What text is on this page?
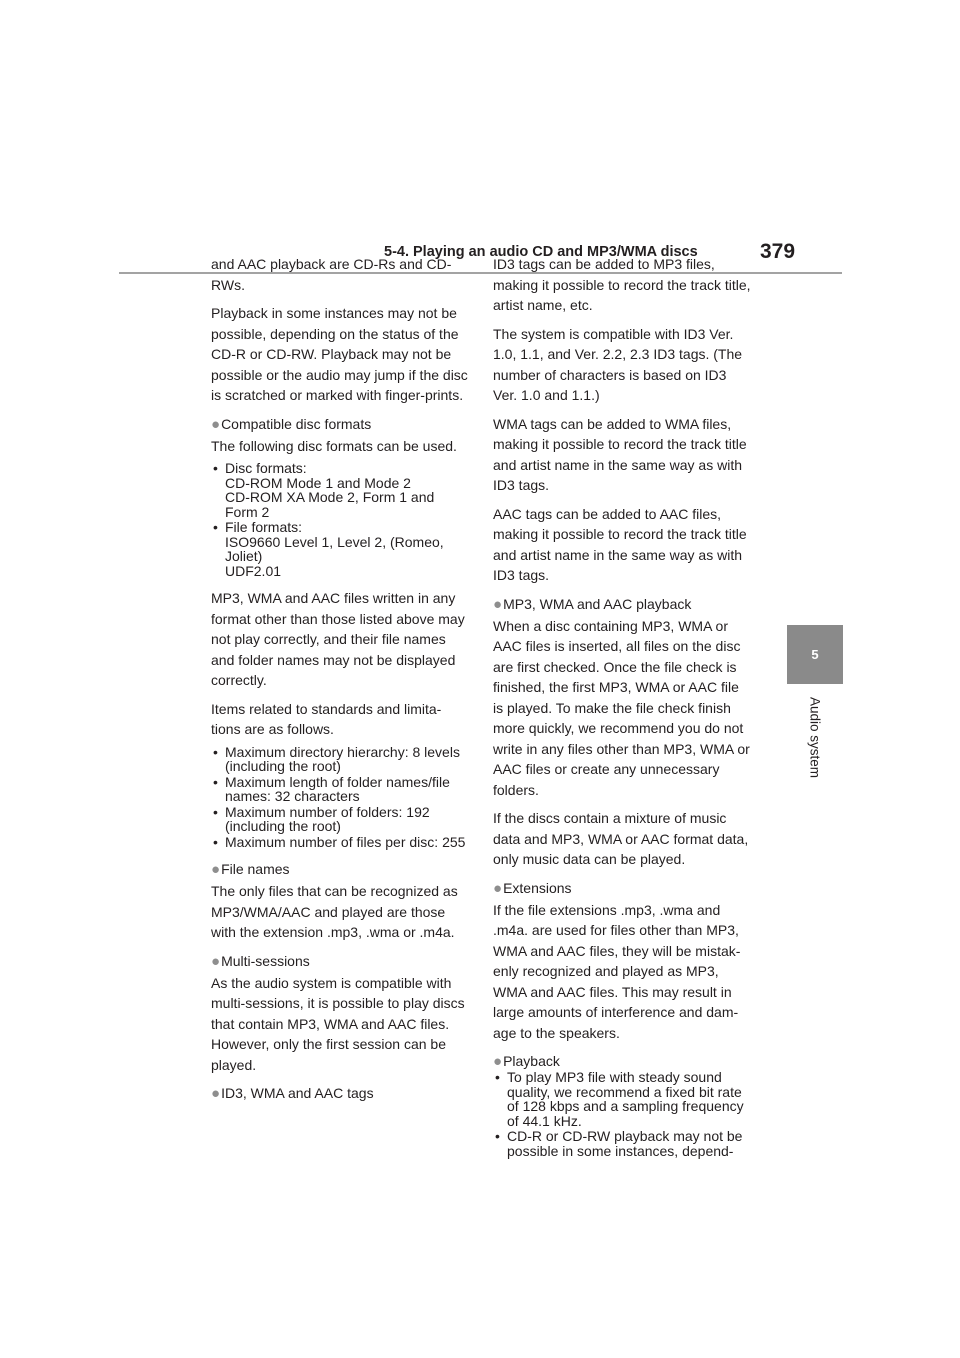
5-4. Playing an audio CD and MP3/WMA discs	379
5
Audio system

and AAC playback are CD-Rs and CD-RWs.

Playback in some instances may not be possible, depending on the status of the CD-R or CD-RW. Playback may not be possible or the audio may jump if the disc is scratched or marked with finger-prints.

● Compatible disc formats

The following disc formats can be used.

• Disc formats:
CD-ROM Mode 1 and Mode 2
CD-ROM XA Mode 2, Form 1 and Form 2
• File formats:
ISO9660 Level 1, Level 2, (Romeo, Joliet)
UDF2.01

MP3, WMA and AAC files written in any format other than those listed above may not play correctly, and their file names and folder names may not be displayed correctly.

Items related to standards and limita-tions are as follows.

• Maximum directory hierarchy: 8 levels (including the root)
• Maximum length of folder names/file names: 32 characters
• Maximum number of folders: 192 (including the root)
• Maximum number of files per disc: 255
● File names

The only files that can be recognized as MP3/WMA/AAC and played are those with the extension .mp3, .wma or .m4a.

● Multi-sessions

As the audio system is compatible with multi-sessions, it is possible to play discs that contain MP3, WMA and AAC files. However, only the first session can be played.

● ID3, WMA and AAC tags

ID3 tags can be added to MP3 files, making it possible to record the track title, artist name, etc.

The system is compatible with ID3 Ver. 1.0, 1.1, and Ver. 2.2, 2.3 ID3 tags. (The number of characters is based on ID3 Ver. 1.0 and 1.1.)

WMA tags can be added to WMA files, making it possible to record the track title and artist name in the same way as with ID3 tags.

AAC tags can be added to AAC files, making it possible to record the track title and artist name in the same way as with ID3 tags.

● MP3, WMA and AAC playback

When a disc containing MP3, WMA or AAC files is inserted, all files on the disc are first checked. Once the file check is finished, the first MP3, WMA or AAC file is played. To make the file check finish more quickly, we recommend you do not write in any files other than MP3, WMA or AAC files or create any unnecessary folders.

If the discs contain a mixture of music data and MP3, WMA or AAC format data, only music data can be played.

● Extensions

If the file extensions .mp3, .wma and .m4a. are used for files other than MP3, WMA and AAC files, they will be mistak-enly recognized and played as MP3, WMA and AAC files. This may result in large amounts of interference and dam-age to the speakers.

● Playback
• To play MP3 file with steady sound quality, we recommend a fixed bit rate of 128 kbps and a sampling frequency of 44.1 kHz.
• CD-R or CD-RW playback may not be possible in some instances, depend-
